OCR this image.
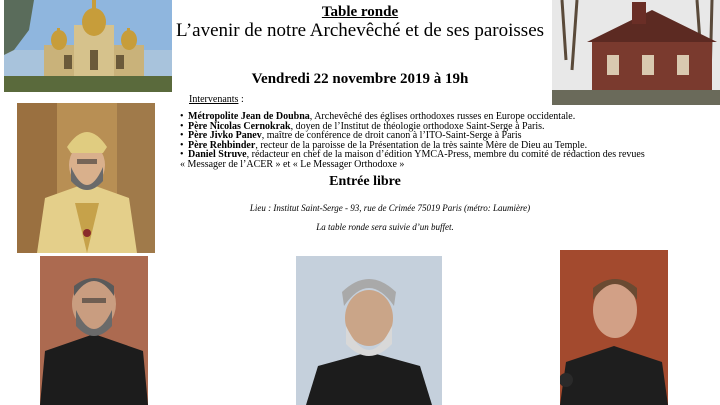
Table ronde
L’avenir de notre Archevêché et de ses paroisses
Vendredi 22 novembre 2019 à 19h
Intervenants :
• Métropolite Jean de Doubna, Archevêché des églises orthodoxes russes en Europe occidentale.
• Père Nicolas Cernokrak, doyen de l’Institut de théologie orthodoxe Saint-Serge à Paris.
• Père Jivko Panev, maître de conférence de droit canon à l’ITO-Saint-Serge à Paris
• Père Rehbinder, recteur de la paroisse de la Présentation de la très sainte Mère de Dieu au Temple.
• Daniel Struve, rédacteur en chef de la maison d’édition YMCA-Press, membre du comité de rédaction des revues
« Messager de l’ACER » et « Le Messager Orthodoxe »
Entrée libre
Lieu : Institut Saint-Serge - 93, rue de Crimée 75019 Paris (métro: Laumière)
La table ronde sera suivie d’un buffet.
